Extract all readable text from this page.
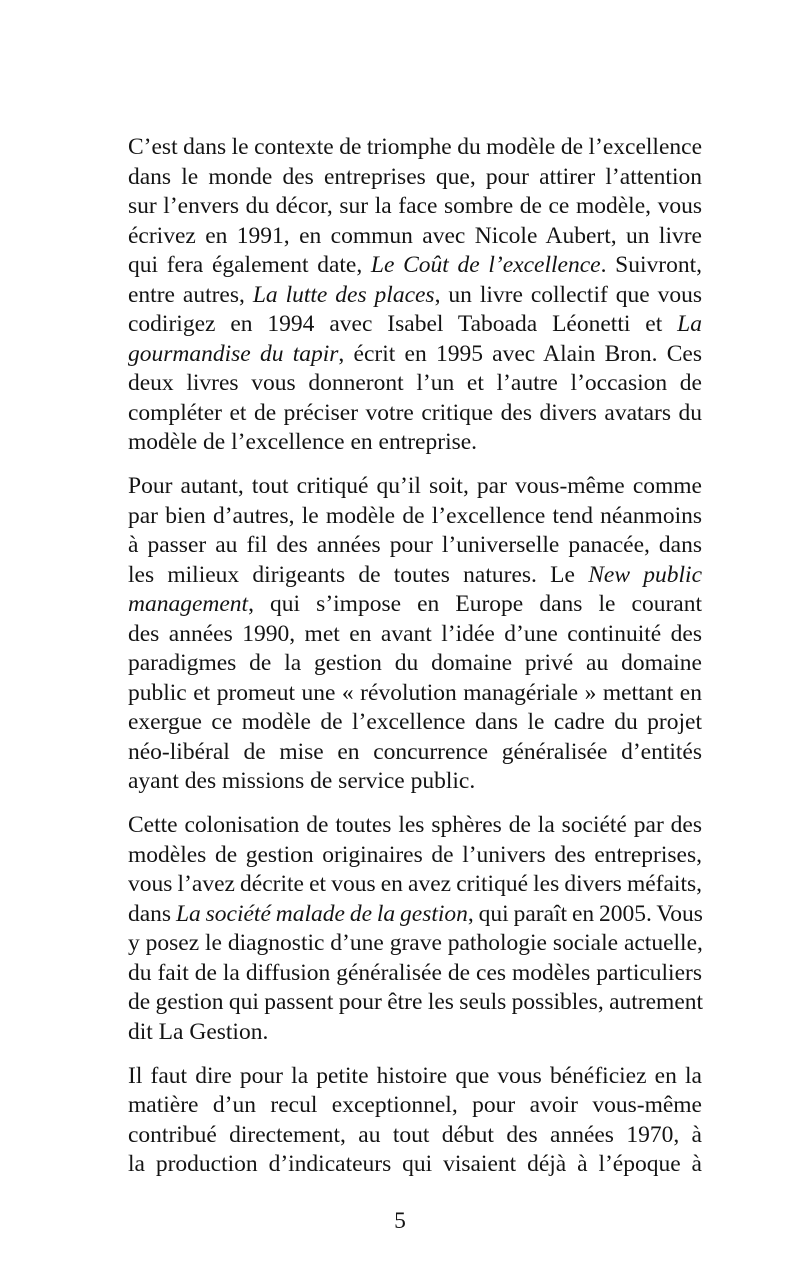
C’est dans le contexte de triomphe du modèle de l’excellence
dans le monde des entreprises que, pour attirer l’attention
sur l’envers du décor, sur la face sombre de ce modèle, vous
écrivez en 1991, en commun avec Nicole Aubert, un livre
qui fera également date, Le Coût de l’excellence. Suivront,
entre autres, La lutte des places, un livre collectif que vous
codirigez en 1994 avec Isabel Taboada Léonetti et La
gourmandise du tapir, écrit en 1995 avec Alain Bron. Ces
deux livres vous donneront l’un et l’autre l’occasion de
compléter et de préciser votre critique des divers avatars du
modèle de l’excellence en entreprise.
Pour autant, tout critiqué qu’il soit, par vous-même comme
par bien d’autres, le modèle de l’excellence tend néanmoins
à passer au fil des années pour l’universelle panacée, dans
les milieux dirigeants de toutes natures. Le New public
management, qui s’impose en Europe dans le courant
des années 1990, met en avant l’idée d’une continuité des
paradigmes de la gestion du domaine privé au domaine
public et promeut une « révolution managériale » mettant en
exergue ce modèle de l’excellence dans le cadre du projet
néo-libéral de mise en concurrence généralisée d’entités
ayant des missions de service public.
Cette colonisation de toutes les sphères de la société par des
modèles de gestion originaires de l’univers des entreprises,
vous l’avez décrite et vous en avez critiqué les divers méfaits,
dans La société malade de la gestion, qui paraît en 2005. Vous
y posez le diagnostic d’une grave pathologie sociale actuelle,
du fait de la diffusion généralisée de ces modèles particuliers
de gestion qui passent pour être les seuls possibles, autrement
dit La Gestion.
Il faut dire pour la petite histoire que vous bénéficiez en la
matière d’un recul exceptionnel, pour avoir vous-même
contribué directement, au tout début des années 1970, à
la production d’indicateurs qui visaient déjà à l’époque à
5
